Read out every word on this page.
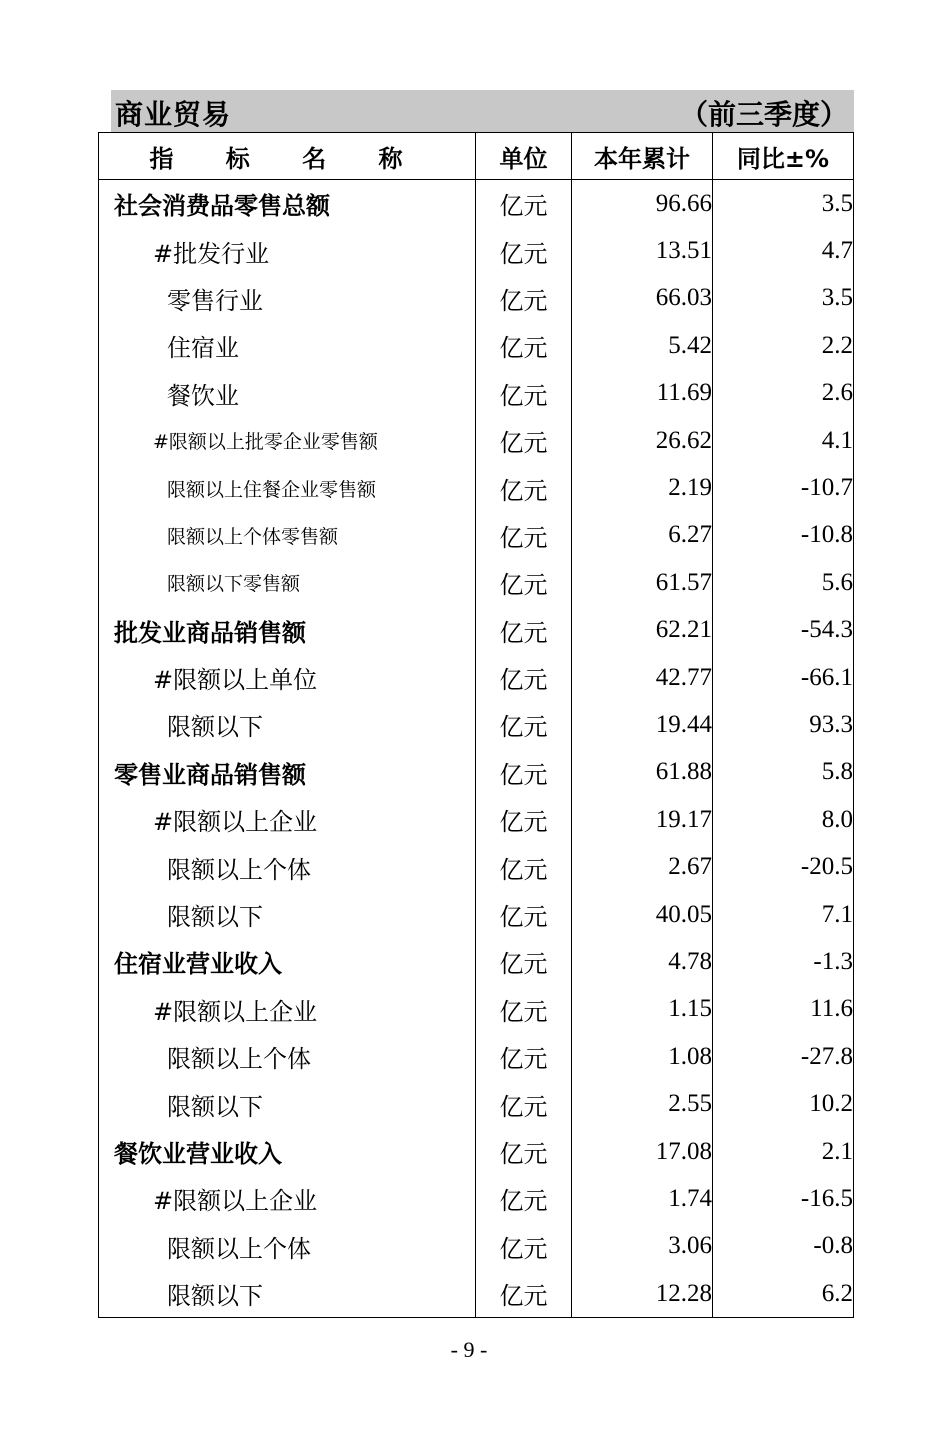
商业贸易	（前三季度）
指 标 名 称	单位	本年累计	同比±%
社会消费品零售总额	亿元	96.66	3.5
#批发行业	亿元	13.51	4.7
零售行业	亿元	66.03	3.5
住宿业	亿元	5.42	2.2
餐饮业	亿元	11.69	2.6
#限额以上批零企业零售额	亿元	26.62	4.1
限额以上住餐企业零售额	亿元	2.19	-10.7
限额以上个体零售额	亿元	6.27	-10.8
限额以下零售额	亿元	61.57	5.6
批发业商品销售额	亿元	62.21	-54.3
#限额以上单位	亿元	42.77	-66.1
限额以下	亿元	19.44	93.3
零售业商品销售额	亿元	61.88	5.8
#限额以上企业	亿元	19.17	8.0
限额以上个体	亿元	2.67	-20.5
限额以下	亿元	40.05	7.1
住宿业营业收入	亿元	4.78	-1.3
#限额以上企业	亿元	1.15	11.6
限额以上个体	亿元	1.08	-27.8
限额以下	亿元	2.55	10.2
餐饮业营业收入	亿元	17.08	2.1
#限额以上企业	亿元	1.74	-16.5
限额以上个体	亿元	3.06	-0.8
限额以下	亿元	12.28	6.2
- 9 -
